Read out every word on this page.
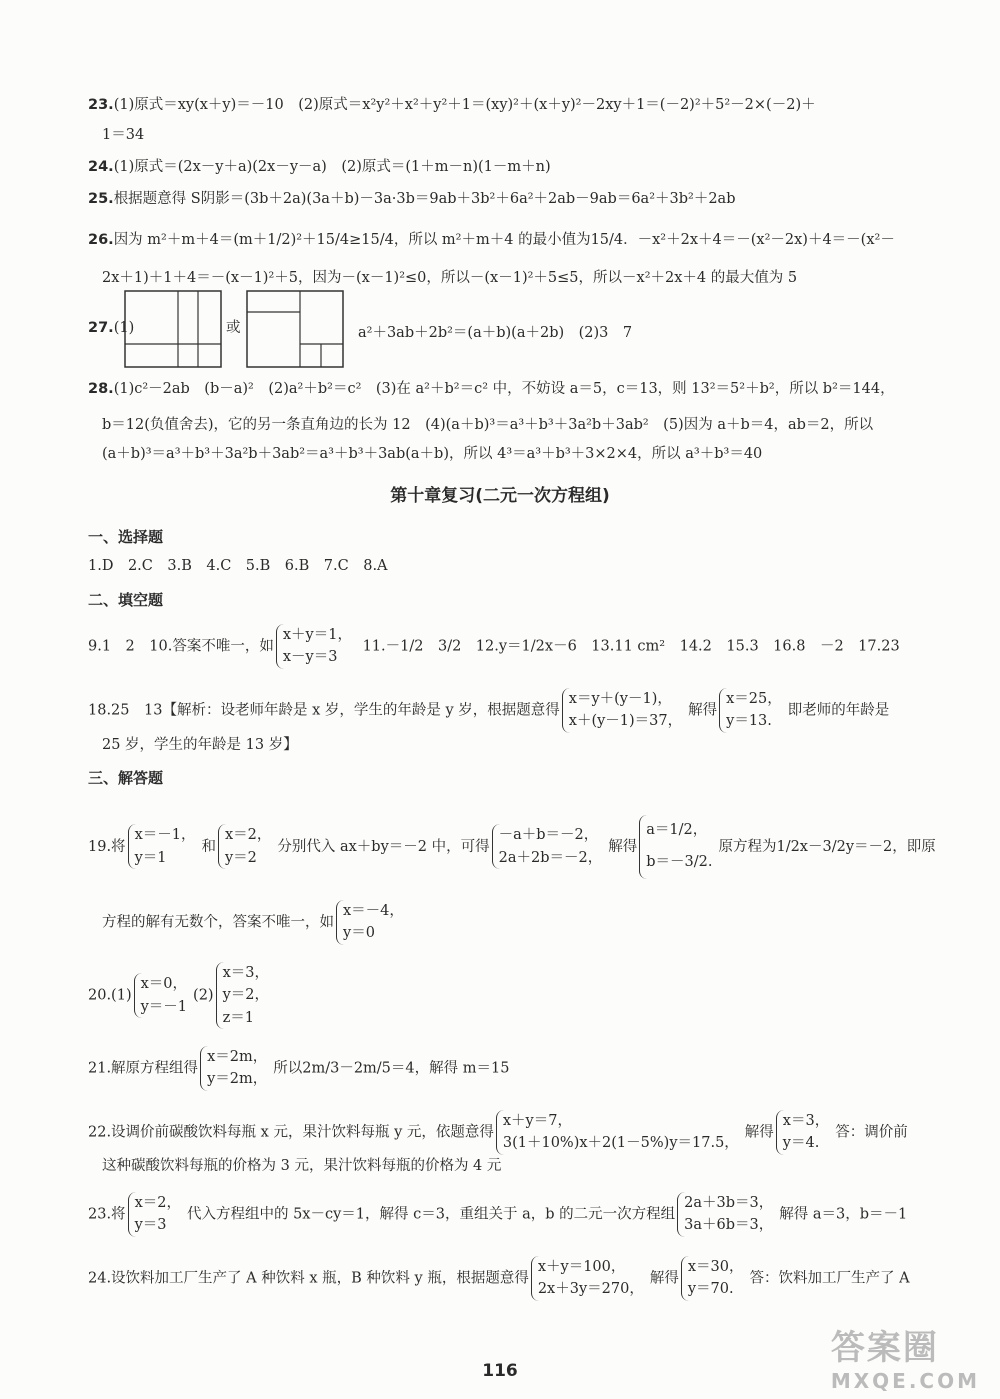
23.(1)原式＝xy(x＋y)＝－10　(2)原式＝x²y²＋x²＋y²＋1＝(xy)²＋(x＋y)²－2xy＋1＝(－2)²＋5²－2×(－2)＋
1＝34
24.(1)原式＝(2x－y＋a)(2x－y－a)　(2)原式＝(1＋m－n)(1－m＋n)
25.根据题意得 S阴影＝(3b＋2a)(3a＋b)－3a·3b＝9ab＋3b²＋6a²＋2ab－9ab＝6a²＋3b²＋2ab
26.因为 m²＋m＋4＝(m＋1/2)²＋15/4≥15/4，所以 m²＋m＋4 的最小值为15/4．－x²＋2x＋4＝－(x²－2x)＋4＝－(x²－
2x＋1)＋1＋4＝－(x－1)²＋5，因为－(x－1)²≤0，所以－(x－1)²＋5≤5，所以－x²＋2x＋4 的最大值为 5
27.(1)	或	a²＋3ab＋2b²＝(a＋b)(a＋2b)　(2)3　7
28.(1)c²－2ab　(b－a)²　(2)a²＋b²＝c²　(3)在 a²＋b²＝c² 中，不妨设 a＝5，c＝13，则 13²＝5²＋b²，所以 b²＝144，
b＝12(负值舍去)，它的另一条直角边的长为 12　(4)(a＋b)³＝a³＋b³＋3a²b＋3ab²　(5)因为 a＋b＝4，ab＝2，所以
(a＋b)³＝a³＋b³＋3a²b＋3ab²＝a³＋b³＋3ab(a＋b)，所以 4³＝a³＋b³＋3×2×4，所以 a³＋b³＝40
第十章复习(二元一次方程组)
一、选择题
1.D　2.C　3.B　4.C　5.B　6.B　7.C　8.A
二、填空题
9.1　2　10.答案不唯一，如
x＋y＝1，
x－y＝3
11.－1/2　3/2　12.y＝1/2x－6　13.11 cm²　14.2　15.3　16.8　－2　17.23
18.25　13【解析：设老师年龄是 x 岁，学生的年龄是 y 岁，根据题意得
x＝y＋(y－1)，
x＋(y－1)＝37，
解得
x＝25，
y＝13.
即老师的年龄是
25 岁，学生的年龄是 13 岁】
三、解答题
19.将
x＝－1，
y＝1
和
x＝2，
y＝2
分别代入 ax＋by＝－2 中，可得
－a＋b＝－2，
2a＋2b＝－2，
解得
a＝1/2，
b＝－3/2.
原方程为1/2x－3/2y＝－2，即原
方程的解有无数个，答案不唯一，如
x＝－4，
y＝0
20.(1)
x＝0，
y＝－1
(2)
x＝3，
y＝2，
z＝1
21.解原方程组得
x＝2m，
y＝2m，
所以2m/3－2m/5＝4，解得 m＝15
22.设调价前碳酸饮料每瓶 x 元，果汁饮料每瓶 y 元，依题意得
x＋y＝7，
3(1＋10%)x＋2(1－5%)y＝17.5，
解得
x＝3，
y＝4.
答：调价前
这种碳酸饮料每瓶的价格为 3 元，果汁饮料每瓶的价格为 4 元
23.将
x＝2，
y＝3
代入方程组中的 5x－cy＝1，解得 c＝3，重组关于 a，b 的二元一次方程组
2a＋3b＝3，
3a＋6b＝3，
解得 a＝3，b＝－1
24.设饮料加工厂生产了 A 种饮料 x 瓶，B 种饮料 y 瓶，根据题意得
x＋y＝100，
2x＋3y＝270，
解得
x＝30，
y＝70.
答：饮料加工厂生产了 A
116
答案圈
MXQE.COM
